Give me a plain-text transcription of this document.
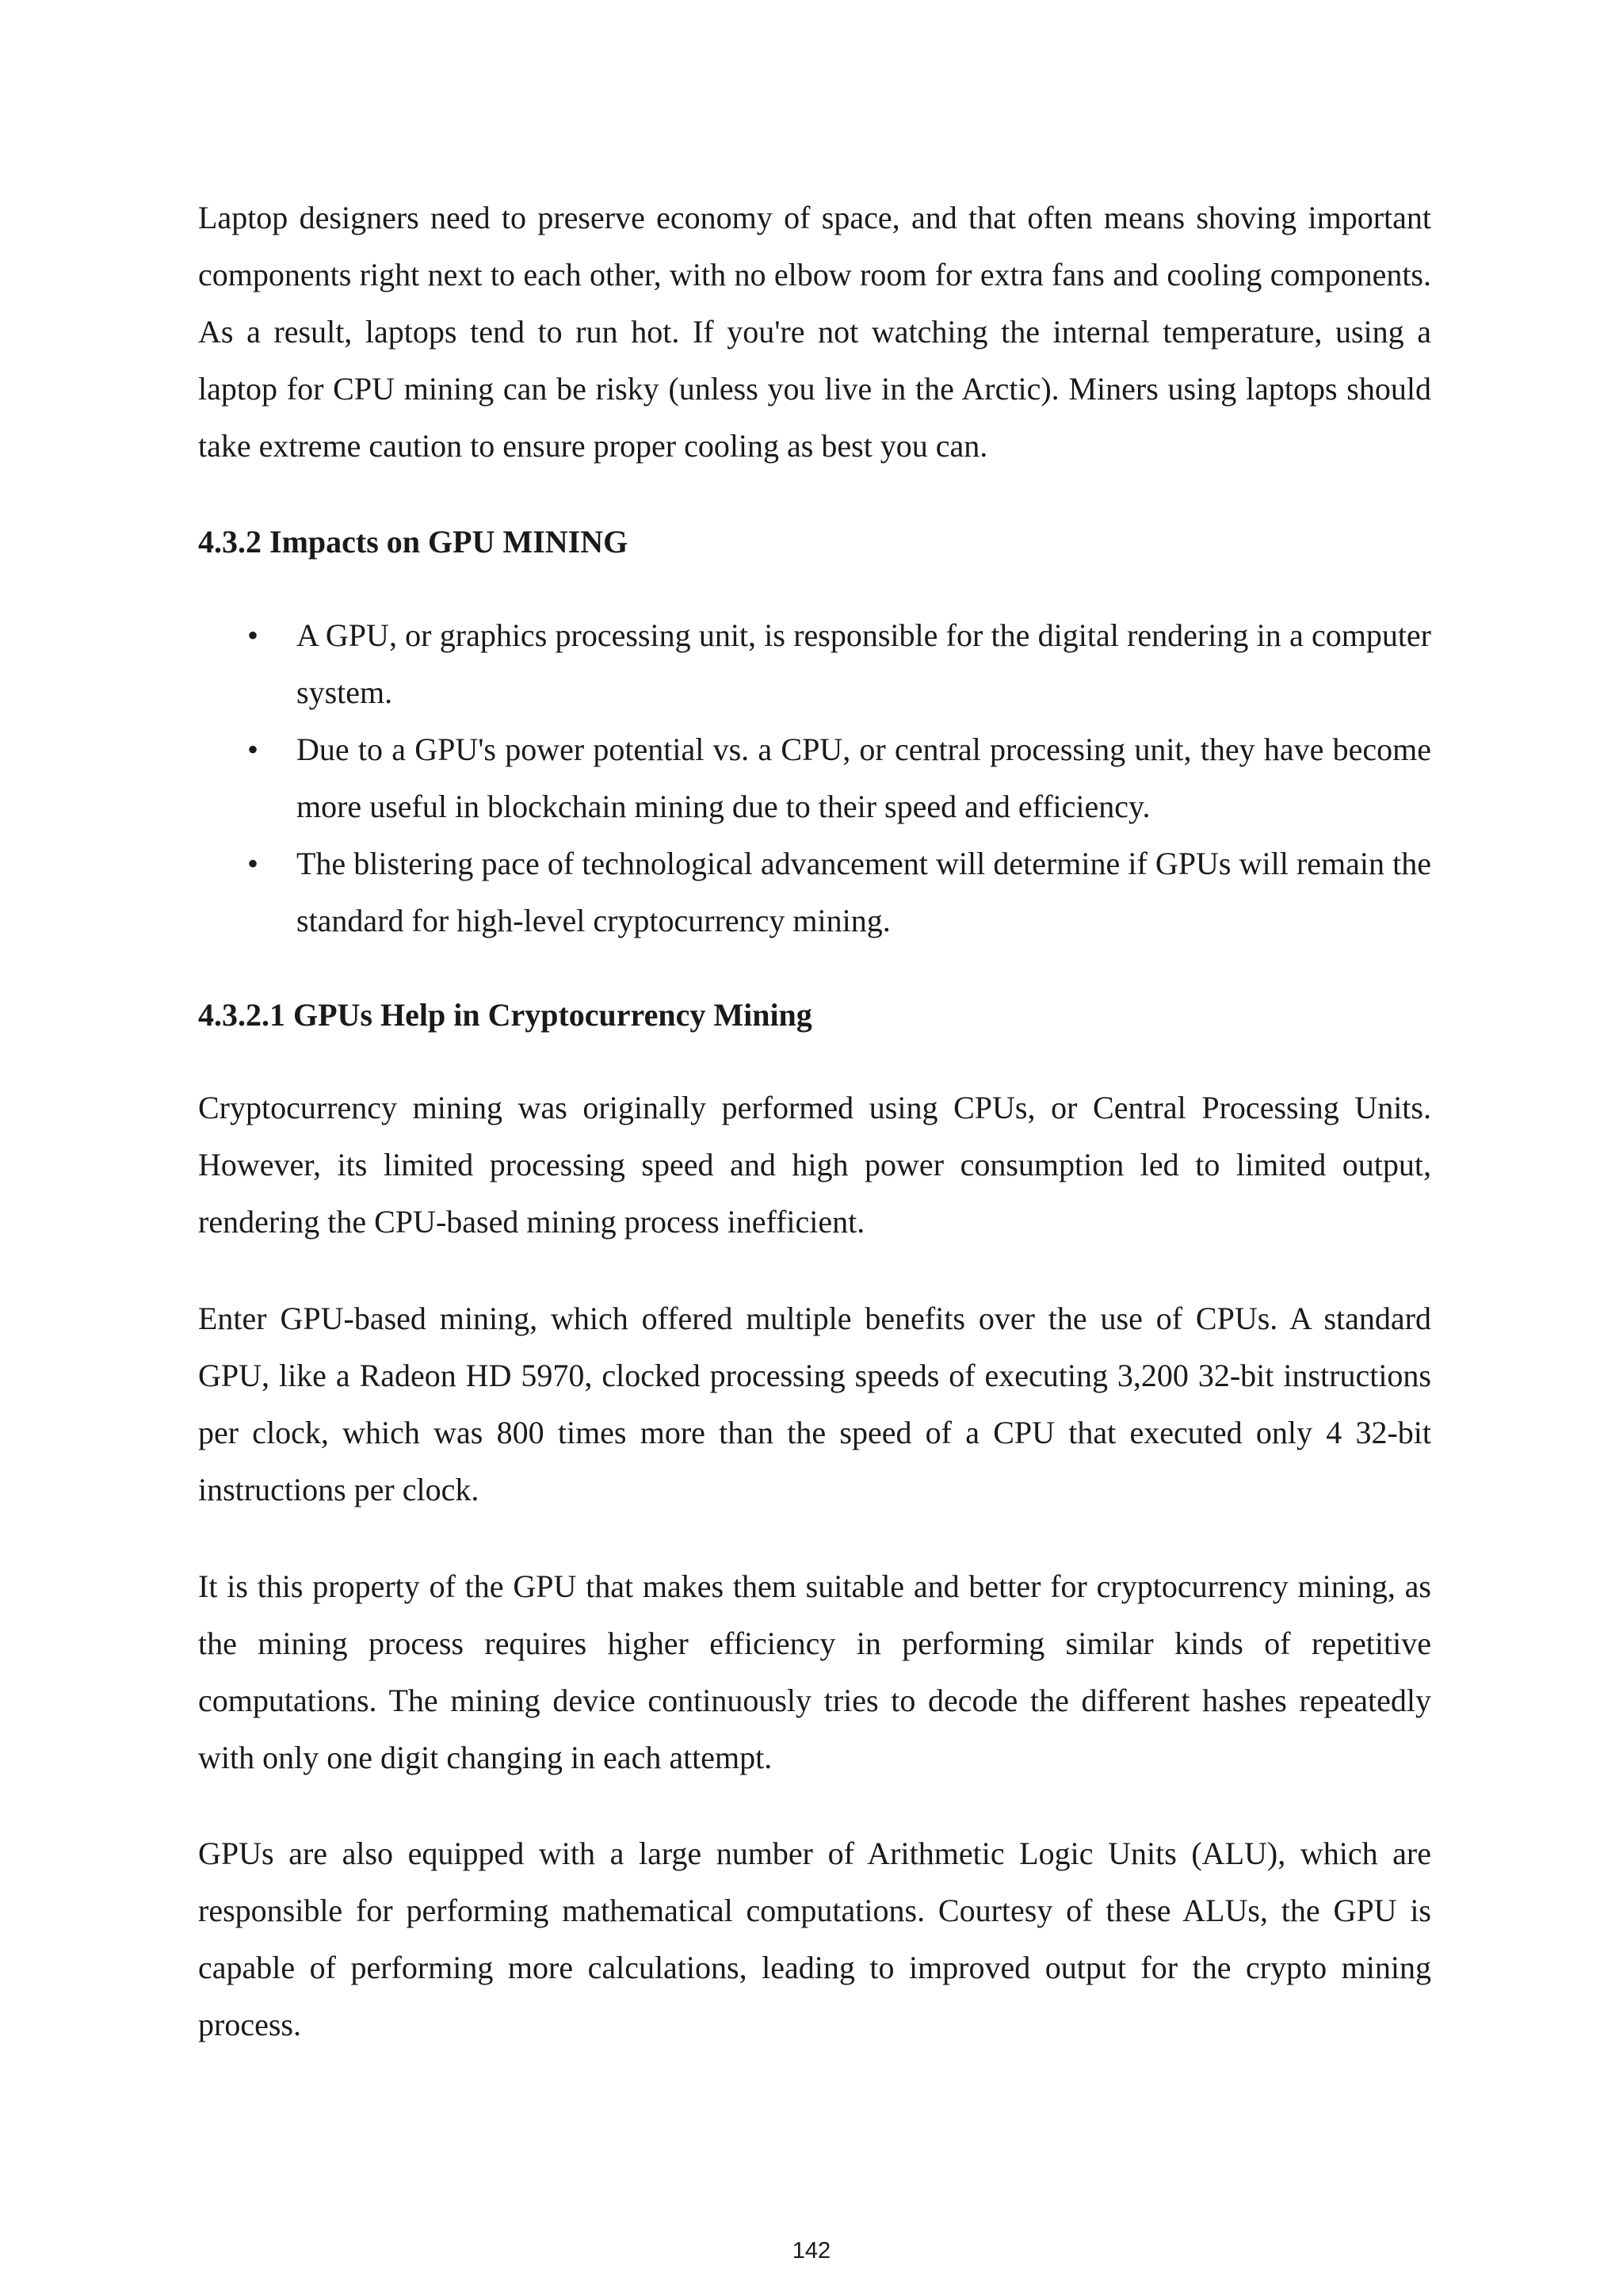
Laptop designers need to preserve economy of space, and that often means shoving important components right next to each other, with no elbow room for extra fans and cooling components. As a result, laptops tend to run hot. If you're not watching the internal temperature, using a laptop for CPU mining can be risky (unless you live in the Arctic). Miners using laptops should take extreme caution to ensure proper cooling as best you can.

4.3.2 Impacts on GPU MINING
• A GPU, or graphics processing unit, is responsible for the digital rendering in a computer system.
• Due to a GPU's power potential vs. a CPU, or central processing unit, they have become more useful in blockchain mining due to their speed and efficiency.
• The blistering pace of technological advancement will determine if GPUs will remain the standard for high-level cryptocurrency mining.
4.3.2.1 GPUs Help in Cryptocurrency Mining

Cryptocurrency mining was originally performed using CPUs, or Central Processing Units. However, its limited processing speed and high power consumption led to limited output, rendering the CPU-based mining process inefficient.

Enter GPU-based mining, which offered multiple benefits over the use of CPUs. A standard GPU, like a Radeon HD 5970, clocked processing speeds of executing 3,200 32-bit instructions per clock, which was 800 times more than the speed of a CPU that executed only 4 32-bit instructions per clock.

It is this property of the GPU that makes them suitable and better for cryptocurrency mining, as the mining process requires higher efficiency in performing similar kinds of repetitive computations. The mining device continuously tries to decode the different hashes repeatedly with only one digit changing in each attempt.

GPUs are also equipped with a large number of Arithmetic Logic Units (ALU), which are responsible for performing mathematical computations. Courtesy of these ALUs, the GPU is capable of performing more calculations, leading to improved output for the crypto mining process.

142
